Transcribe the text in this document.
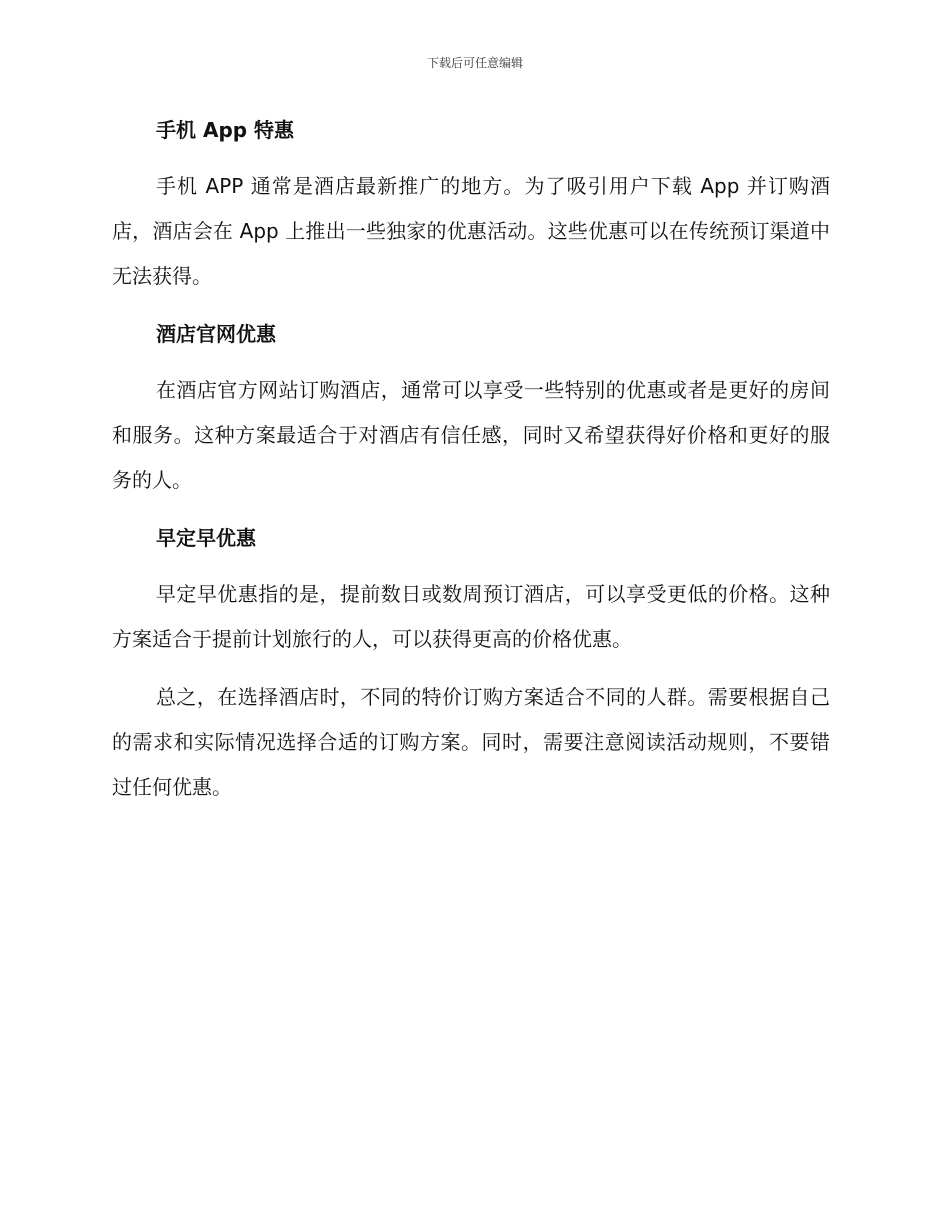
下载后可任意编辑
手机 App 特惠

手机 APP 通常是酒店最新推广的地方。为了吸引用户下载 App 并订购酒店，酒店会在 App 上推出一些独家的优惠活动。这些优惠可以在传统预订渠道中无法获得。

酒店官网优惠

在酒店官方网站订购酒店，通常可以享受一些特别的优惠或者是更好的房间和服务。这种方案最适合于对酒店有信任感，同时又希望获得好价格和更好的服务的人。

早定早优惠

早定早优惠指的是，提前数日或数周预订酒店，可以享受更低的价格。这种方案适合于提前计划旅行的人，可以获得更高的价格优惠。

总之，在选择酒店时，不同的特价订购方案适合不同的人群。需要根据自己的需求和实际情况选择合适的订购方案。同时，需要注意阅读活动规则，不要错过任何优惠。
